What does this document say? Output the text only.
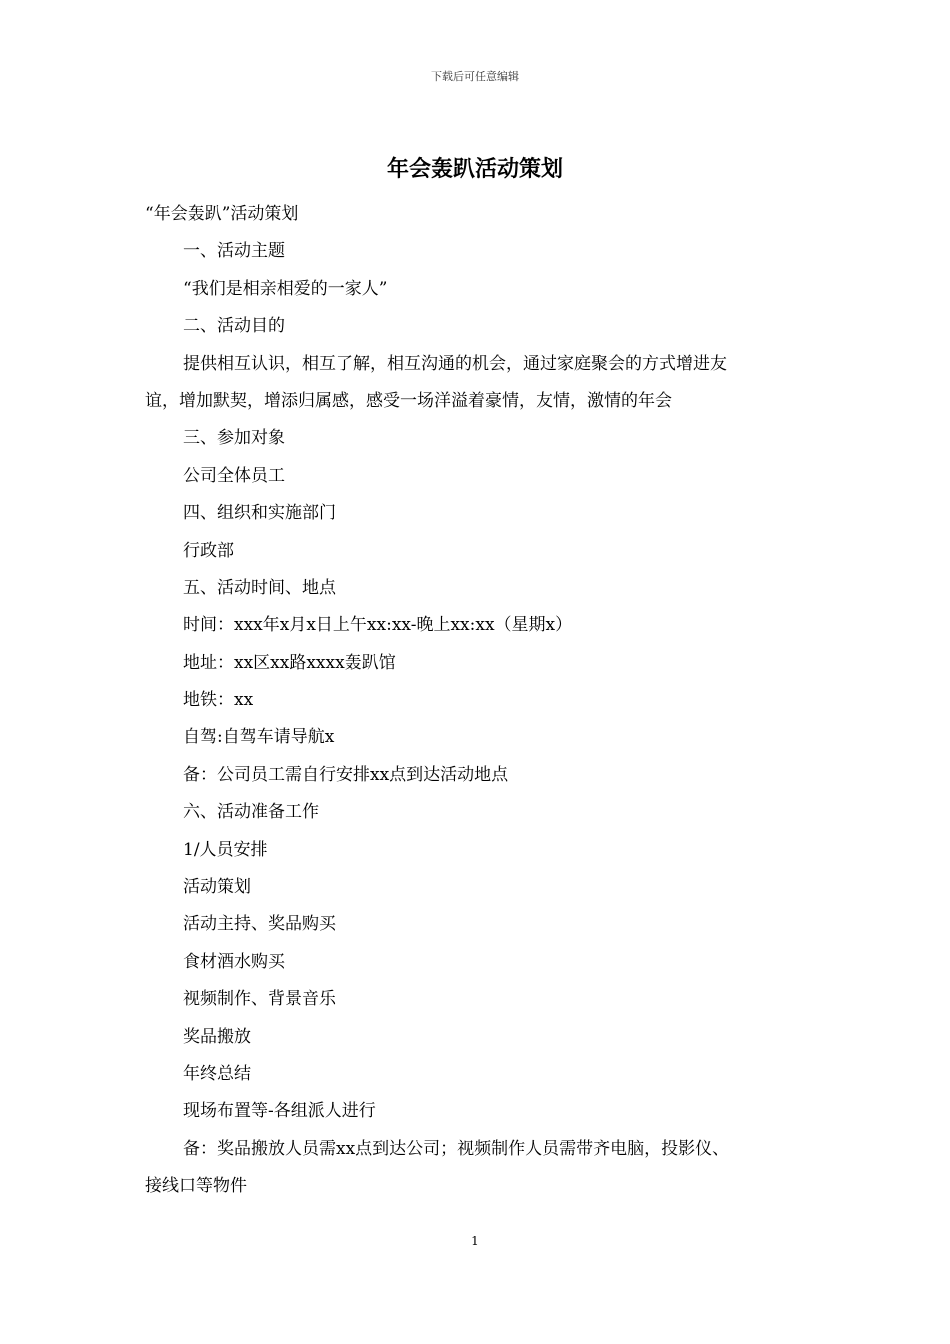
下载后可任意编辑
年会轰趴活动策划
“年会轰趴”活动策划
一、活动主题
“我们是相亲相爱的一家人”
二、活动目的
提供相互认识，相互了解，相互沟通的机会，通过家庭聚会的方式增进友
谊，增加默契，增添归属感，感受一场洋溢着豪情，友情，激情的年会
三、参加对象
公司全体员工
四、组织和实施部门
行政部
五、活动时间、地点
时间：xxx年x月x日上午xx:xx-晚上xx:xx（星期x）
地址：xx区xx路xxxx轰趴馆
地铁：xx
自驾:自驾车请导航x
备：公司员工需自行安排xx点到达活动地点
六、活动准备工作
1/人员安排
活动策划
活动主持、奖品购买
食材酒水购买
视频制作、背景音乐
奖品搬放
年终总结
现场布置等-各组派人进行
备：奖品搬放人员需xx点到达公司；视频制作人员需带齐电脑，投影仪、
接线口等物件
1
